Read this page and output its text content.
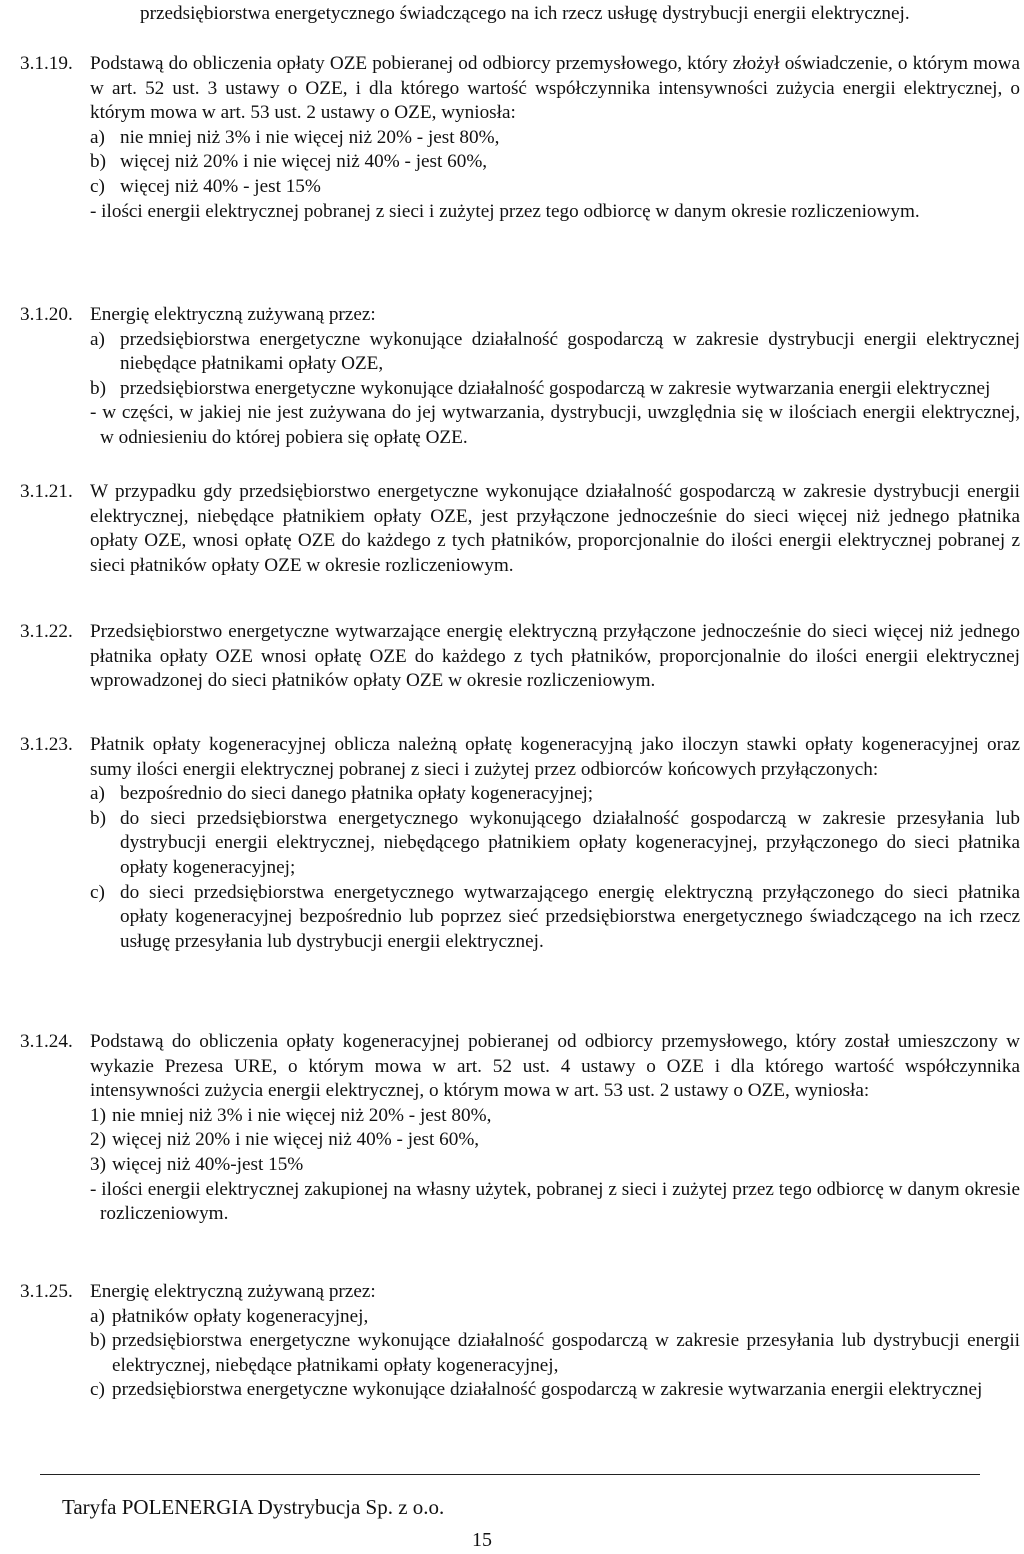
przedsiębiorstwa energetycznego świadczącego na ich rzecz usługę dystrybucji energii elektrycznej.

3.1.19. Podstawą do obliczenia opłaty OZE pobieranej od odbiorcy przemysłowego, który złożył oświadczenie, o którym mowa w art. 52 ust. 3 ustawy o OZE, i dla którego wartość współczynnika intensywności zużycia energii elektrycznej, o którym mowa w art. 53 ust. 2 ustawy o OZE, wyniosła:

a) nie mniej niż 3% i nie więcej niż 20% - jest 80%,

b) więcej niż 20% i nie więcej niż 40% - jest 60%,

c) więcej niż 40% - jest 15%

- ilości energii elektrycznej pobranej z sieci i zużytej przez tego odbiorcę w danym okresie rozliczeniowym.

3.1.20. Energię elektryczną zużywaną przez:

a) przedsiębiorstwa energetyczne wykonujące działalność gospodarczą w zakresie dystrybucji energii elektrycznej niebędące płatnikami opłaty OZE,

b) przedsiębiorstwa energetyczne wykonujące działalność gospodarczą w zakresie wytwarzania energii elektrycznej

- w części, w jakiej nie jest zużywana do jej wytwarzania, dystrybucji, uwzględnia się w ilościach energii elektrycznej, w odniesieniu do której pobiera się opłatę OZE.

3.1.21. W przypadku gdy przedsiębiorstwo energetyczne wykonujące działalność gospodarczą w zakresie dystrybucji energii elektrycznej, niebędące płatnikiem opłaty OZE, jest przyłączone jednocześnie do sieci więcej niż jednego płatnika opłaty OZE, wnosi opłatę OZE do każdego z tych płatników, proporcjonalnie do ilości energii elektrycznej pobranej z sieci płatników opłaty OZE w okresie rozliczeniowym.

3.1.22. Przedsiębiorstwo energetyczne wytwarzające energię elektryczną przyłączone jednocześnie do sieci więcej niż jednego płatnika opłaty OZE wnosi opłatę OZE do każdego z tych płatników, proporcjonalnie do ilości energii elektrycznej wprowadzonej do sieci płatników opłaty OZE w okresie rozliczeniowym.

3.1.23. Płatnik opłaty kogeneracyjnej oblicza należną opłatę kogeneracyjną jako iloczyn stawki opłaty kogeneracyjnej oraz sumy ilości energii elektrycznej pobranej z sieci i zużytej przez odbiorców końcowych przyłączonych:

a) bezpośrednio do sieci danego płatnika opłaty kogeneracyjnej;

b) do sieci przedsiębiorstwa energetycznego wykonującego działalność gospodarczą w zakresie przesyłania lub dystrybucji energii elektrycznej, niebędącego płatnikiem opłaty kogeneracyjnej, przyłączonego do sieci płatnika opłaty kogeneracyjnej;

c) do sieci przedsiębiorstwa energetycznego wytwarzającego energię elektryczną przyłączonego do sieci płatnika opłaty kogeneracyjnej bezpośrednio lub poprzez sieć przedsiębiorstwa energetycznego świadczącego na ich rzecz usługę przesyłania lub dystrybucji energii elektrycznej.

3.1.24. Podstawą do obliczenia opłaty kogeneracyjnej pobieranej od odbiorcy przemysłowego, który został umieszczony w wykazie Prezesa URE, o którym mowa w art. 52 ust. 4 ustawy o OZE i dla którego wartość współczynnika intensywności zużycia energii elektrycznej, o którym mowa w art. 53 ust. 2 ustawy o OZE, wyniosła:

1) nie mniej niż 3% i nie więcej niż 20% - jest 80%,

2) więcej niż 20% i nie więcej niż 40% - jest 60%,

3) więcej niż 40%-jest 15%

- ilości energii elektrycznej zakupionej na własny użytek, pobranej z sieci i zużytej przez tego odbiorcę w danym okresie rozliczeniowym.

3.1.25. Energię elektryczną zużywaną przez:

a) płatników opłaty kogeneracyjnej,

b) przedsiębiorstwa energetyczne wykonujące działalność gospodarczą w zakresie przesyłania lub dystrybucji energii elektrycznej, niebędące płatnikami opłaty kogeneracyjnej,

c) przedsiębiorstwa energetyczne wykonujące działalność gospodarczą w zakresie wytwarzania energii elektrycznej

Taryfa POLENERGIA Dystrybucja Sp. z o.o.
15
